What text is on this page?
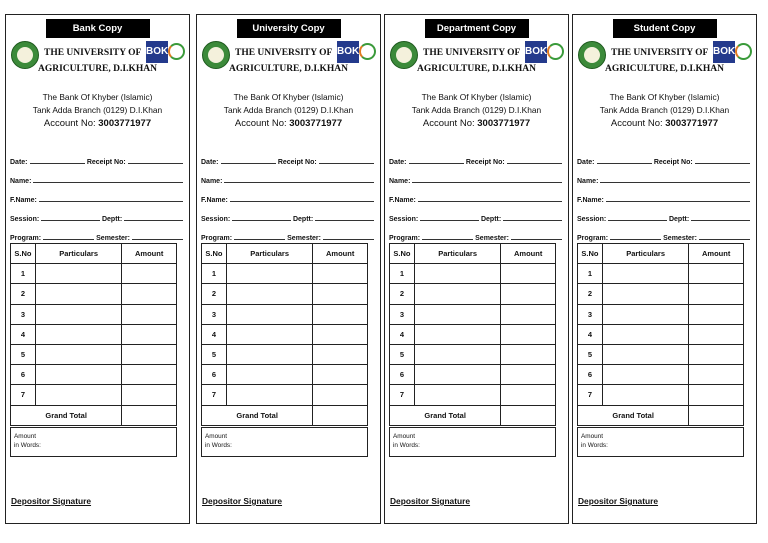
Bank Copy
BOK
THE UNIVERSITY OF
AGRICULTURE, D.I.KHAN
The Bank Of Khyber (Islamic)
Tank Adda Branch (0129) D.I.Khan
Account No: 3003771977
Date:	Receipt No:
Name:
F.Name:
Session:	Deptt:
Program:	Semester:
S.No	Particulars	Amount
1		
2		
3		
4		
5		
6		
7		
Grand Total		
Amount
in Words:
Depositor Signature
University Copy
BOK
THE UNIVERSITY OF
AGRICULTURE, D.I.KHAN
The Bank Of Khyber (Islamic)
Tank Adda Branch (0129) D.I.Khan
Account No: 3003771977
Date:	Receipt No:
Name:
F.Name:
Session:	Deptt:
Program:	Semester:
S.No	Particulars	Amount
1		
2		
3		
4		
5		
6		
7		
Grand Total		
Amount
in Words:
Depositor Signature
Department Copy
BOK
THE UNIVERSITY OF
AGRICULTURE, D.I.KHAN
The Bank Of Khyber (Islamic)
Tank Adda Branch (0129) D.I.Khan
Account No: 3003771977
Date:	Receipt No:
Name:
F.Name:
Session:	Deptt:
Program:	Semester:
S.No	Particulars	Amount
1		
2		
3		
4		
5		
6		
7		
Grand Total		
Amount
in Words:
Depositor Signature
Student Copy
BOK
THE UNIVERSITY OF
AGRICULTURE, D.I.KHAN
The Bank Of Khyber (Islamic)
Tank Adda Branch (0129) D.I.Khan
Account No: 3003771977
Date:	Receipt No:
Name:
F.Name:
Session:	Deptt:
Program:	Semester:
S.No	Particulars	Amount
1		
2		
3		
4		
5		
6		
7		
Grand Total		
Amount
in Words:
Depositor Signature
